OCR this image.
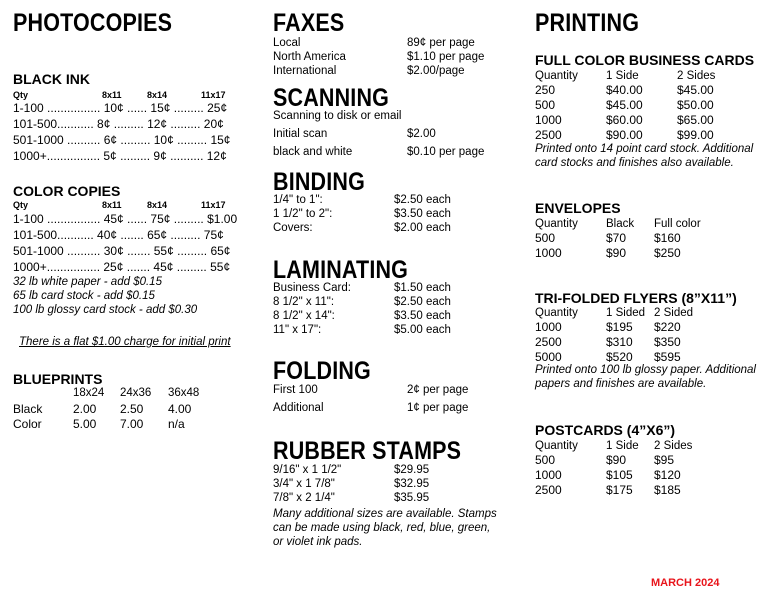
PHOTOCOPIES
BLACK INK
Qty	8x11	8x14	11x17
1-100 ................ 10¢ ...... 15¢ ......... 25¢
101-500........... 8¢ ......... 12¢ ......... 20¢
501-1000 .......... 6¢ ......... 10¢ ......... 15¢
1000+................ 5¢ ......... 9¢ .......... 12¢
COLOR COPIES
Qty	8x11	8x14	11x17
1-100 ................ 45¢ ...... 75¢ ......... $1.00
101-500........... 40¢ ....... 65¢ ......... 75¢
501-1000 .......... 30¢ ....... 55¢ ......... 65¢
1000+................ 25¢ ....... 45¢ ......... 55¢
32 lb white paper - add $0.15
65 lb card stock - add $0.15
100 lb glossy card stock - add $0.30
There is a flat $1.00 charge for initial print
BLUEPRINTS
18x24 24x36 36x48
Black	2.00 2.50 4.00
Color	5.00 7.00 n/a
FAXES
Local	89¢ per page
North America	$1.10 per page
International	$2.00/page
SCANNING
Scanning to disk or email
Initial scan	$2.00
black and white	$0.10 per page
BINDING
1/4" to 1":	$2.50 each
1 1/2" to 2":	$3.50 each
Covers:	$2.00 each
LAMINATING
Business Card:	$1.50 each
8 1/2" x 11":	$2.50 each
8 1/2" x 14":	$3.50 each
11" x 17":	$5.00 each
FOLDING
First 100	2¢ per page
Additional	1¢ per page
RUBBER STAMPS
9/16" x 1 1/2"	$29.95
3/4" x 1 7/8"	$32.95
7/8" x 2 1/4"	$35.95
Many additional sizes are available. Stamps
can be made using black, red, blue, green,
or violet ink pads.
PRINTING
FULL COLOR BUSINESS CARDS
Quantity 1 Side	2 Sides
250	$40.00	$45.00
500	$45.00	$50.00
1000	$60.00	$65.00
2500	$90.00	$99.00
Printed onto 14 point card stock. Additional
card stocks and finishes also available.
ENVELOPES
Quantity Black Full color
500	$70 $160
1000	$90 $250
TRI-FOLDED FLYERS (8”X11”)
Quantity 1 Sided 2 Sided
1000	$195 $220
2500	$310 $350
5000	$520 $595
Printed onto 100 lb glossy paper. Additional
papers and finishes are available.
POSTCARDS (4”X6”)
Quantity 1 Side 2 Sides
500	$90 $95
1000	$105 $120
2500	$175 $185
MARCH 2024
